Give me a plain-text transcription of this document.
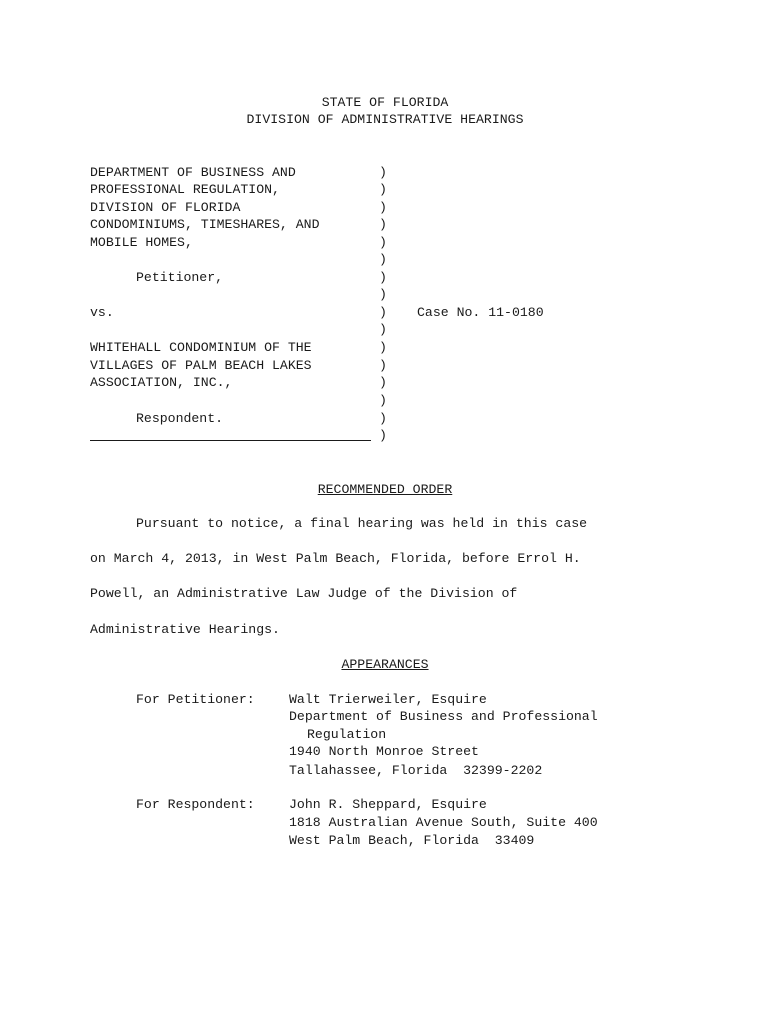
STATE OF FLORIDA
DIVISION OF ADMINISTRATIVE HEARINGS
DEPARTMENT OF BUSINESS AND
PROFESSIONAL REGULATION,
DIVISION OF FLORIDA
CONDOMINIUMS, TIMESHARES, AND
MOBILE HOMES,
Petitioner,
vs.
WHITEHALL CONDOMINIUM OF THE
VILLAGES OF PALM BEACH LAKES
ASSOCIATION, INC.,
Respondent.
)
)
)
)
)
)
)
)
)
)
)
)
)
)
)
)
Case No. 11-0180
RECOMMENDED ORDER
Pursuant to notice, a final hearing was held in this case
on March 4, 2013, in West Palm Beach, Florida, before Errol H.
Powell, an Administrative Law Judge of the Division of
Administrative Hearings.
APPEARANCES
For Petitioner:	Walt Trierweiler, Esquire
Department of Business and Professional
Regulation
1940 North Monroe Street
Tallahassee, Florida  32399-2202
For Respondent:	John R. Sheppard, Esquire
1818 Australian Avenue South, Suite 400
West Palm Beach, Florida  33409
